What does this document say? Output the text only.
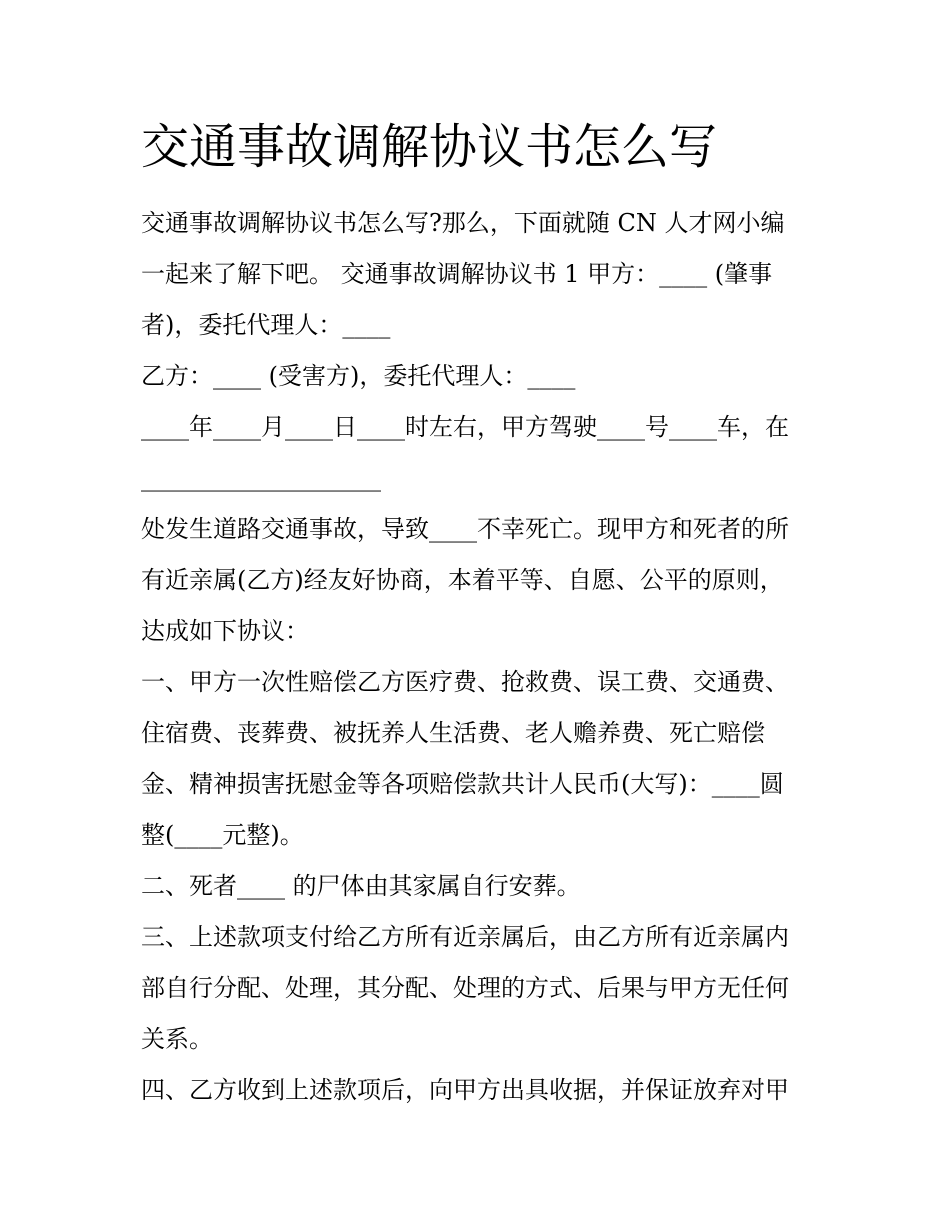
交通事故调解协议书怎么写

交通事故调解协议书怎么写?那么，下面就随 CN 人才网小编

一起来了解下吧。 交通事故调解协议书 1 甲方：____ (肇事

者)，委托代理人：____

乙方：____ (受害方)，委托代理人：____

____年____月____日____时左右，甲方驾驶____号____车，在

____________________

处发生道路交通事故，导致____不幸死亡。现甲方和死者的所

有近亲属(乙方)经友好协商，本着平等、自愿、公平的原则，

达成如下协议：

一、甲方一次性赔偿乙方医疗费、抢救费、误工费、交通费、

住宿费、丧葬费、被抚养人生活费、老人赡养费、死亡赔偿

金、精神损害抚慰金等各项赔偿款共计人民币(大写)：____圆

整(____元整)。

二、死者____ 的尸体由其家属自行安葬。

三、上述款项支付给乙方所有近亲属后，由乙方所有近亲属内

部自行分配、处理，其分配、处理的方式、后果与甲方无任何

关系。

四、乙方收到上述款项后，向甲方出具收据，并保证放弃对甲
